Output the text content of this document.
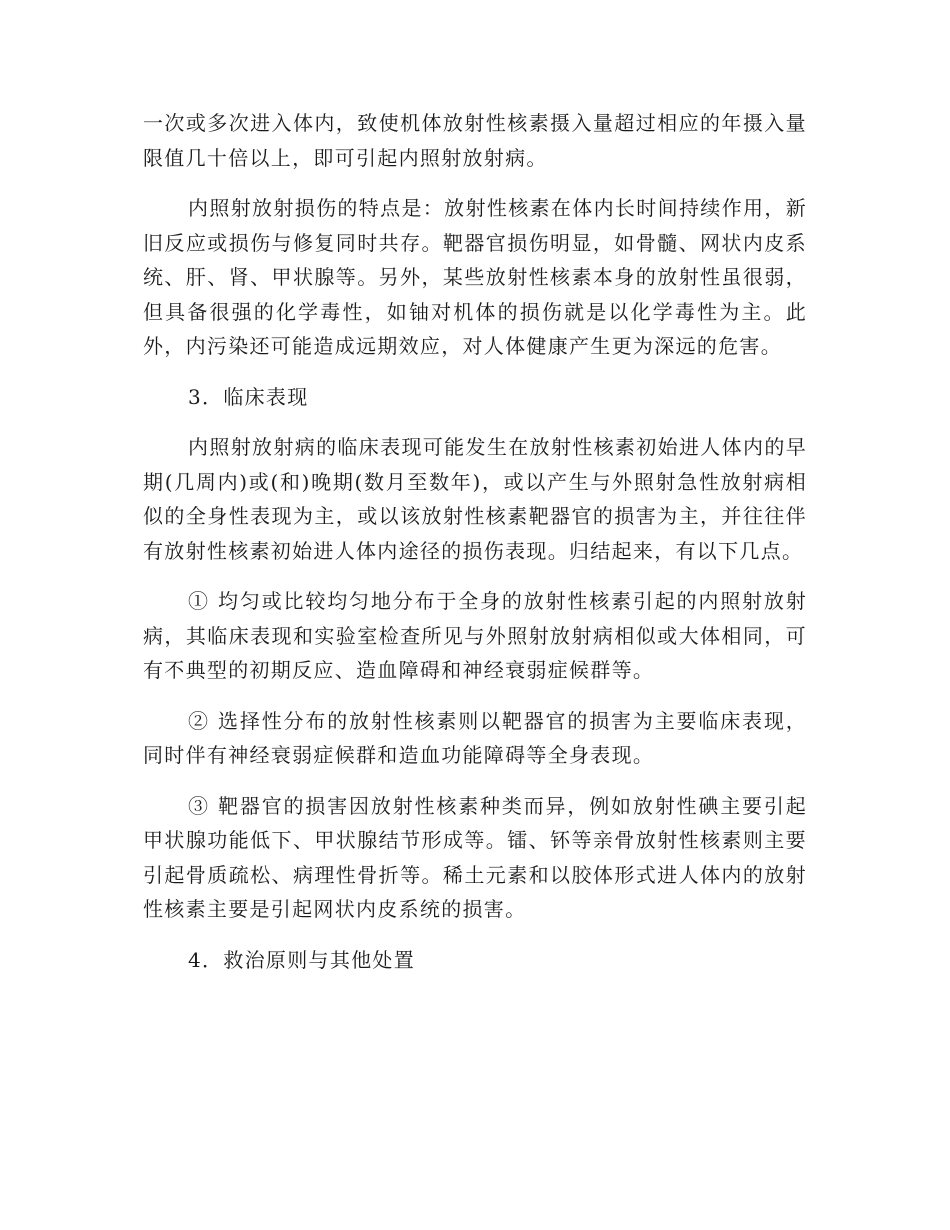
一次或多次进入体内，致使机体放射性核素摄入量超过相应的年摄入量限值几十倍以上，即可引起内照射放射病。

内照射放射损伤的特点是：放射性核素在体内长时间持续作用，新旧反应或损伤与修复同时共存。靶器官损伤明显，如骨髓、网状内皮系统、肝、肾、甲状腺等。另外，某些放射性核素本身的放射性虽很弱，但具备很强的化学毒性，如铀对机体的损伤就是以化学毒性为主。此外，内污染还可能造成远期效应，对人体健康产生更为深远的危害。

3．临床表现

内照射放射病的临床表现可能发生在放射性核素初始进人体内的早期(几周内)或(和)晚期(数月至数年)，或以产生与外照射急性放射病相似的全身性表现为主，或以该放射性核素靶器官的损害为主，并往往伴有放射性核素初始进人体内途径的损伤表现。归结起来，有以下几点。

① 均匀或比较均匀地分布于全身的放射性核素引起的内照射放射病，其临床表现和实验室检查所见与外照射放射病相似或大体相同，可有不典型的初期反应、造血障碍和神经衰弱症候群等。

② 选择性分布的放射性核素则以靶器官的损害为主要临床表现，同时伴有神经衰弱症候群和造血功能障碍等全身表现。

③ 靶器官的损害因放射性核素种类而异，例如放射性碘主要引起甲状腺功能低下、甲状腺结节形成等。镭、钚等亲骨放射性核素则主要引起骨质疏松、病理性骨折等。稀土元素和以胶体形式进人体内的放射性核素主要是引起网状内皮系统的损害。

4．救治原则与其他处置
